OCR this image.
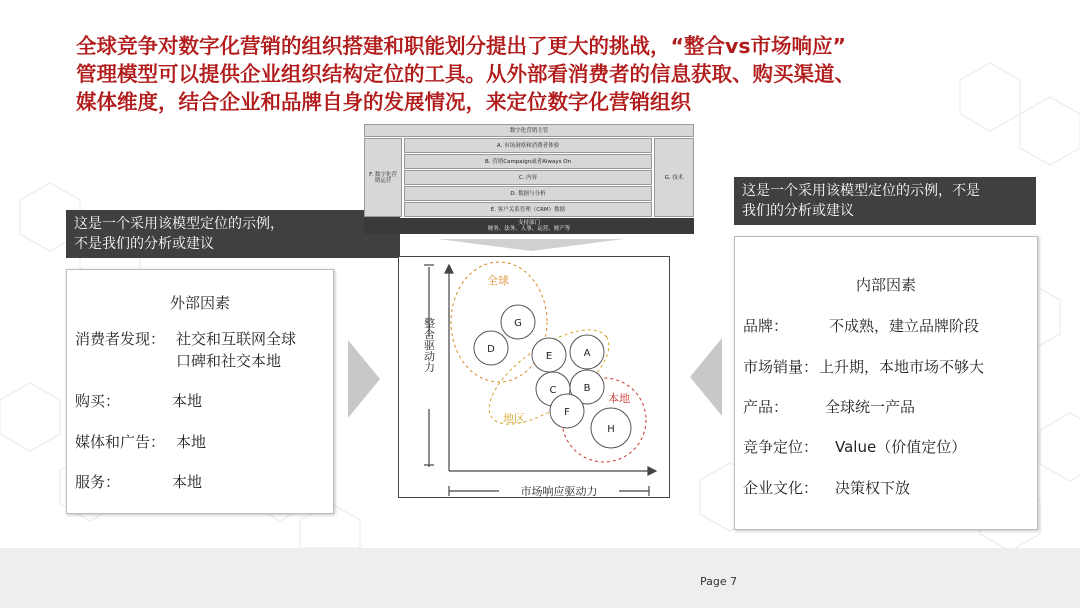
全球竞争对数字化营销的组织搭建和职能划分提出了更大的挑战，“整合vs市场响应”
管理模型可以提供企业组织结构定位的工具。从外部看消费者的信息获取、购买渠道、
媒体维度，结合企业和品牌自身的发展情况，来定位数字化营销组织
这是一个采用该模型定位的示例，
不是我们的分析或建议
这是一个采用该模型定位的示例，不是
我们的分析或建议
外部因素
消费者发现： 社交和互联网全球
口碑和社交本地
购买：	本地
媒体和广告： 本地
服务：	本地
内部因素
品牌：	不成熟，建立品牌阶段
市场销量： 上升期，本地市场不够大
产品： 全球统一产品
竞争定位： Value（价值定位）
企业文化： 决策权下放
数字化营销主管
F. 数字化营销运营	G. 技术
A. 市场洞察和消费者体验
B. 营销Campaign或者Always On
C. 内容
D. 数据与分析
E. 客户关系管理（CRM）数据
支持部门
财务、法务、人事、运营、财产等
整合驱动力
市场响应驱动力
全球
地区
本地
G
D
E	A
C	B
F
H
Page 7
